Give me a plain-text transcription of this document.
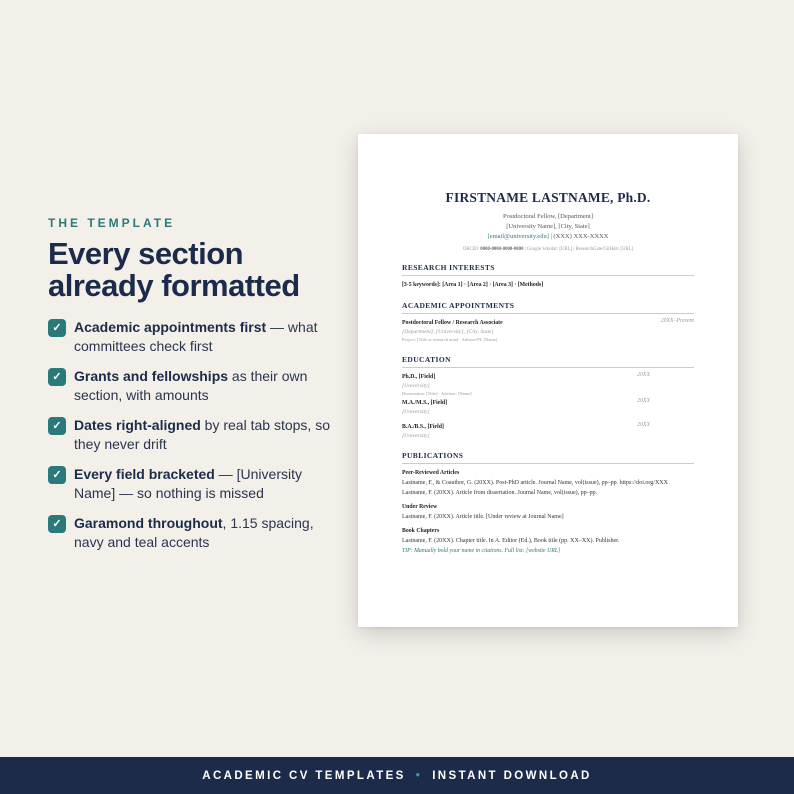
THE TEMPLATE
Every section
already formatted
✓ Academic appointments first — what committees check first
✓ Grants and fellowships as their own section, with amounts
✓ Dates right-aligned by real tab stops, so they never drift
✓ Every field bracketed — [University Name] — so nothing is missed
✓ Garamond throughout, 1.15 spacing, navy and teal accents
FIRSTNAME LASTNAME, Ph.D.
Postdoctoral Fellow, [Department]
[University Name], [City, State]
[email@university.edu] | (XXX) XXX-XXXX
ORCID: 0000-0000-0000-0000 | Google Scholar: [URL] | ResearchGate/GitHub: [URL]
RESEARCH INTERESTS
[3-5 keywords]: [Area 1] · [Area 2] · [Area 3] · [Methods]
ACADEMIC APPOINTMENTS
Postdoctoral Fellow / Research Associate	20XX–Present
[Department], [University], [City, State]
Project: [Title or research area] · Advisor/PI: [Name]
EDUCATION
Ph.D., [Field]	20XX
[University]
Dissertation: [Title] · Advisor: [Name]
M.A./M.S., [Field]	20XX
[University]
B.A./B.S., [Field]	20XX
[University]
PUBLICATIONS
Peer-Reviewed Articles
Lastname, F., & Coauthor, G. (20XX). Post-PhD article. Journal Name, vol(issue), pp–pp. https://doi.org/XXX
Lastname, F. (20XX). Article from dissertation. Journal Name, vol(issue), pp–pp.
Under Review
Lastname, F. (20XX). Article title. [Under review at Journal Name]
Book Chapters
Lastname, F. (20XX). Chapter title. In A. Editor (Ed.), Book title (pp. XX–XX). Publisher.
TIP: Manually bold your name in citations. Full list: [website URL]
ACADEMIC CV TEMPLATES • INSTANT DOWNLOAD
